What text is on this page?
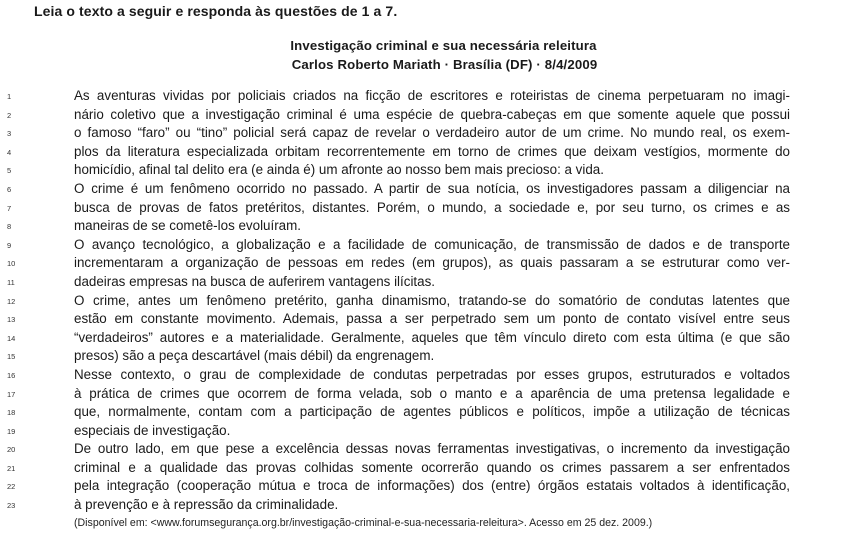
Leia o texto a seguir e responda às questões de 1 a 7.
Investigação criminal e sua necessária releitura
Carlos Roberto Mariath · Brasília (DF) · 8/4/2009
1	As aventuras vividas por policiais criados na ficção de escritores e roteiristas de cinema perpetuaram no imagi-
2	nário coletivo que a investigação criminal é uma espécie de quebra-cabeças em que somente aquele que possui
3	o famoso “faro” ou “tino” policial será capaz de revelar o verdadeiro autor de um crime. No mundo real, os exem-
4	plos da literatura especializada orbitam recorrentemente em torno de crimes que deixam vestígios, mormente do
5	homicídio, afinal tal delito era (e ainda é) um afronte ao nosso bem mais precioso: a vida.
6	O crime é um fenômeno ocorrido no passado. A partir de sua notícia, os investigadores passam a diligenciar na
7	busca de provas de fatos pretéritos, distantes. Porém, o mundo, a sociedade e, por seu turno, os crimes e as
8	maneiras de se cometê-los evoluíram.
9	O avanço tecnológico, a globalização e a facilidade de comunicação, de transmissão de dados e de transporte
10	incrementaram a organização de pessoas em redes (em grupos), as quais passaram a se estruturar como ver-
11	dadeiras empresas na busca de auferirem vantagens ilícitas.
12	O crime, antes um fenômeno pretérito, ganha dinamismo, tratando-se do somatório de condutas latentes que
13	estão em constante movimento. Ademais, passa a ser perpetrado sem um ponto de contato visível entre seus
14	“verdadeiros” autores e a materialidade. Geralmente, aqueles que têm vínculo direto com esta última (e que são
15	presos) são a peça descartável (mais débil) da engrenagem.
16	Nesse contexto, o grau de complexidade de condutas perpetradas por esses grupos, estruturados e voltados
17	à prática de crimes que ocorrem de forma velada, sob o manto e a aparência de uma pretensa legalidade e
18	que, normalmente, contam com a participação de agentes públicos e políticos, impõe a utilização de técnicas
19	especiais de investigação.
20	De outro lado, em que pese a excelência dessas novas ferramentas investigativas, o incremento da investigação
21	criminal e a qualidade das provas colhidas somente ocorrerão quando os crimes passarem a ser enfrentados
22	pela integração (cooperação mútua e troca de informações) dos (entre) órgãos estatais voltados à identificação,
23	à prevenção e à repressão da criminalidade.
(Disponível em: <www.forumsegurança.org.br/investigação-criminal-e-sua-necessaria-releitura>. Acesso em 25 dez. 2009.)
